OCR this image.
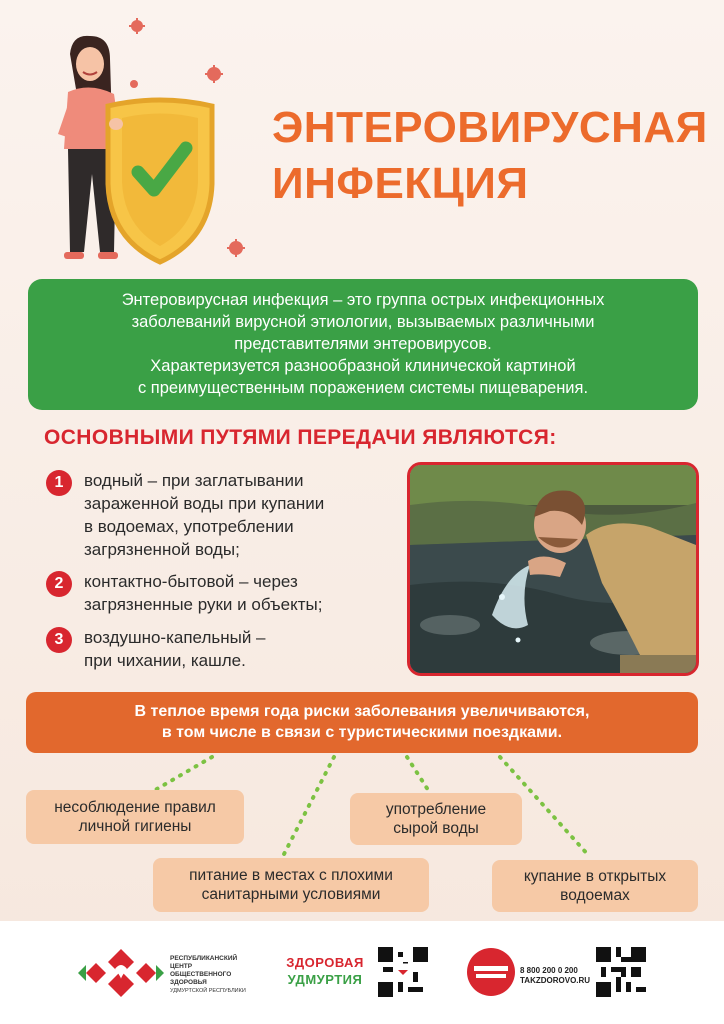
ЭНТЕРОВИРУСНАЯ
ИНФЕКЦИЯ

Энтеровирусная инфекция – это группа острых инфекционных

заболеваний вирусной этиологии, вызываемых различными

представителями энтеровирусов.

Характеризуется разнообразной клинической картиной

с преимущественным поражением системы пищеварения.

ОСНОВНЫМИ ПУТЯМИ ПЕРЕДАЧИ ЯВЛЯЮТСЯ:
1	водный – при заглатывании
зараженной воды при купании
в водоемах, употреблении
загрязненной воды;
2	контактно-бытовой – через
загрязненные руки и объекты;
3	воздушно-капельный –
при чихании, кашле.
В теплое время года риски заболевания увеличиваются,
в том числе в связи с туристическими поездками.
несоблюдение правил
личной гигиены
употребление
сырой воды
питание в местах с плохими
санитарными условиями
купание в открытых
водоемах
РЕСПУБЛИКАНСКИЙ ЦЕНТР
ОБЩЕСТВЕННОГО ЗДОРОВЬЯ
УДМУРТСКОЙ РЕСПУБЛИКИ
ЗДОРОВАЯ
УДМУРТИЯ
8 800 200 0 200
TAKZDOROVO.RU
